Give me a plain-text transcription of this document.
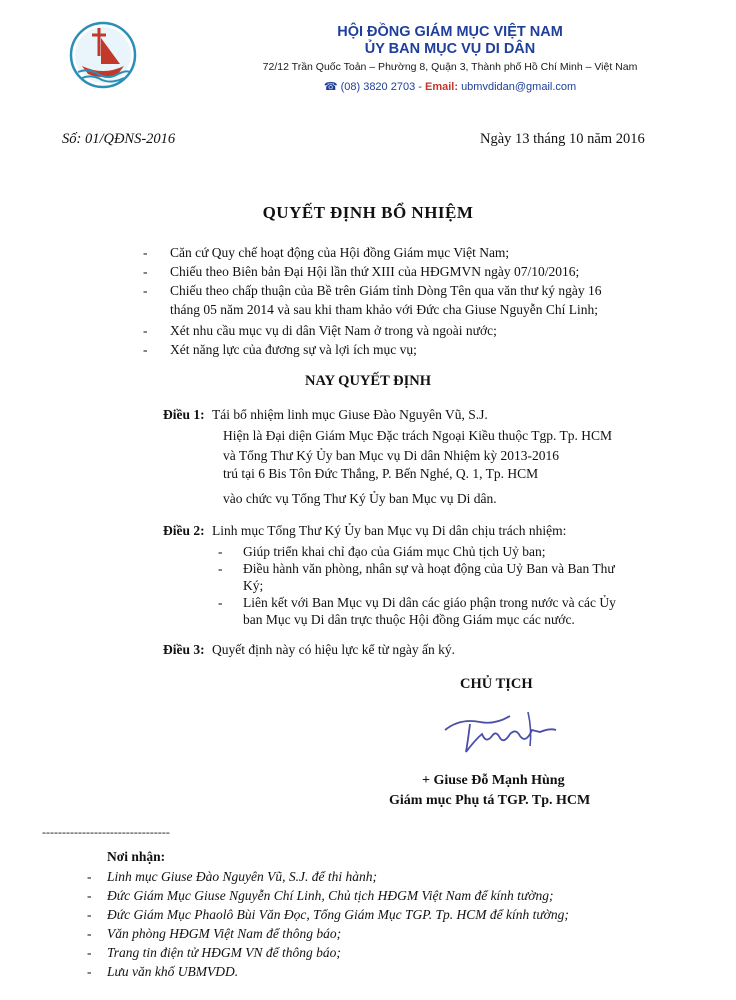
HỘI ĐỒNG GIÁM MỤC VIỆT NAM
ỦY BAN MỤC VỤ DI DÂN
72/12 Trần Quốc Toản – Phường 8, Quận 3, Thành phố Hồ Chí Minh – Việt Nam
☎ (08) 3820 2703 - Email: ubmvdidan@gmail.com
Số: 01/QĐNS-2016	Ngày 13 tháng 10 năm 2016
QUYẾT ĐỊNH BỔ NHIỆM
- Căn cứ Quy chế hoạt động của Hội đồng Giám mục Việt Nam;
- Chiếu theo Biên bản Đại Hội lần thứ XIII của HĐGMVN ngày 07/10/2016;
- Chiếu theo chấp thuận của Bề trên Giám tỉnh Dòng Tên qua văn thư ký ngày 16
tháng 05 năm 2014 và sau khi tham khảo với Đức cha Giuse Nguyễn Chí Linh;
- Xét nhu cầu mục vụ di dân Việt Nam ở trong và ngoài nước;
- Xét năng lực của đương sự và lợi ích mục vụ;
NAY QUYẾT ĐỊNH
Điều 1: Tái bổ nhiệm linh mục Giuse Đào Nguyên Vũ, S.J.
Hiện là Đại diện Giám Mục Đặc trách Ngoại Kiều thuộc Tgp. Tp. HCM
và Tổng Thư Ký Ủy ban Mục vụ Di dân Nhiệm kỳ 2013-2016
trú tại 6 Bis Tôn Đức Thắng, P. Bến Nghé, Q. 1, Tp. HCM
vào chức vụ Tổng Thư Ký Ủy ban Mục vụ Di dân.
Điều 2: Linh mục Tổng Thư Ký Ủy ban Mục vụ Di dân chịu trách nhiệm:
- Giúp triển khai chỉ đạo của Giám mục Chủ tịch Uỷ ban;
- Điều hành văn phòng, nhân sự và hoạt động của Uỷ Ban và Ban Thư
Ký;
- Liên kết với Ban Mục vụ Di dân các giáo phận trong nước và các Ủy
ban Mục vụ Di dân trực thuộc Hội đồng Giám mục các nước.
Điều 3: Quyết định này có hiệu lực kể từ ngày ấn ký.
CHỦ TỊCH
+ Giuse Đỗ Mạnh Hùng
Giám mục Phụ tá TGP. Tp. HCM
--------------------------------
Nơi nhận:
- Linh mục Giuse Đào Nguyên Vũ, S.J. để thi hành;
- Đức Giám Mục Giuse Nguyễn Chí Linh, Chủ tịch HĐGM Việt Nam để kính tường;
- Đức Giám Mục Phaolô Bùi Văn Đọc, Tổng Giám Mục TGP. Tp. HCM để kính tường;
- Văn phòng HĐGM Việt Nam để thông báo;
- Trang tin điện tử HĐGM VN để thông báo;
- Lưu văn khố UBMVDD.
